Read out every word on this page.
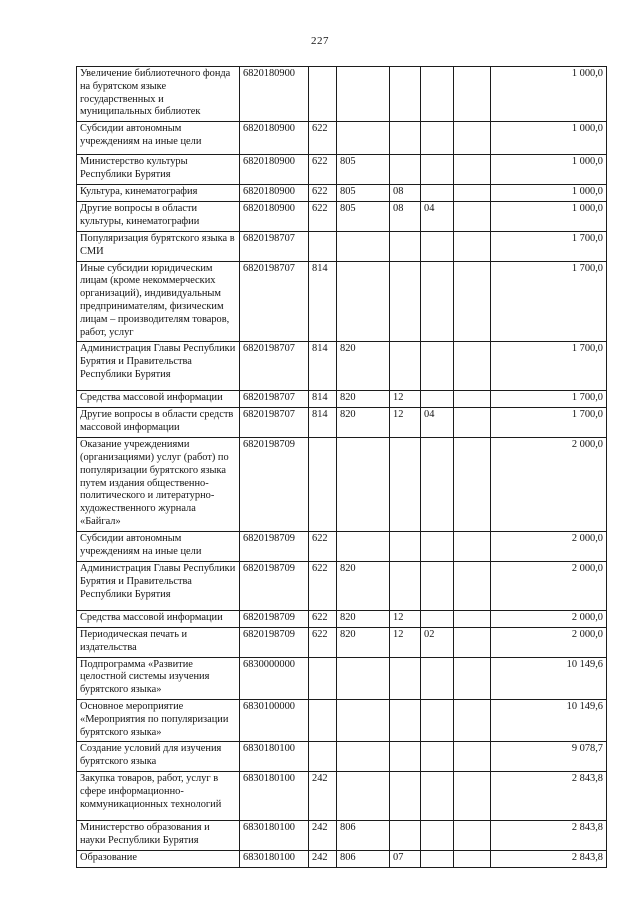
227
Увеличение библиотечного фонда на бурятском языке государственных и муниципальных библиотек	6820180900						1 000,0
Субсидии автономным учреждениям на иные цели	6820180900	622					1 000,0
Министерство культуры Республики Бурятия	6820180900	622	805				1 000,0
Культура, кинематография	6820180900	622	805	08			1 000,0
Другие вопросы в области культуры, кинематографии	6820180900	622	805	08	04		1 000,0
Популяризация бурятского языка в СМИ	6820198707						1 700,0
Иные субсидии юридическим лицам (кроме некоммерческих организаций), индивидуальным предпринимателям, физическим лицам – производителям товаров, работ, услуг	6820198707	814					1 700,0
Администрация Главы Республики Бурятия и Правительства Республики Бурятия	6820198707	814	820				1 700,0
Средства массовой информации	6820198707	814	820	12			1 700,0
Другие вопросы в области средств массовой информации	6820198707	814	820	12	04		1 700,0
Оказание учреждениями (организациями) услуг (работ) по популяризации бурятского языка путем издания общественно-политического и литературно-художественного журнала «Байгал»	6820198709						2 000,0
Субсидии автономным учреждениям на иные цели	6820198709	622					2 000,0
Администрация Главы Республики Бурятия и Правительства Республики Бурятия	6820198709	622	820				2 000,0
Средства массовой информации	6820198709	622	820	12			2 000,0
Периодическая печать и издательства	6820198709	622	820	12	02		2 000,0
Подпрограмма «Развитие целостной системы изучения бурятского языка»	6830000000						10 149,6
Основное мероприятие «Мероприятия по популяризации бурятского языка»	6830100000						10 149,6
Создание условий для изучения бурятского языка	6830180100						9 078,7
Закупка товаров, работ, услуг в сфере информационно-коммуникационных технологий	6830180100	242					2 843,8
Министерство образования и науки Республики Бурятия	6830180100	242	806				2 843,8
Образование	6830180100	242	806	07			2 843,8
